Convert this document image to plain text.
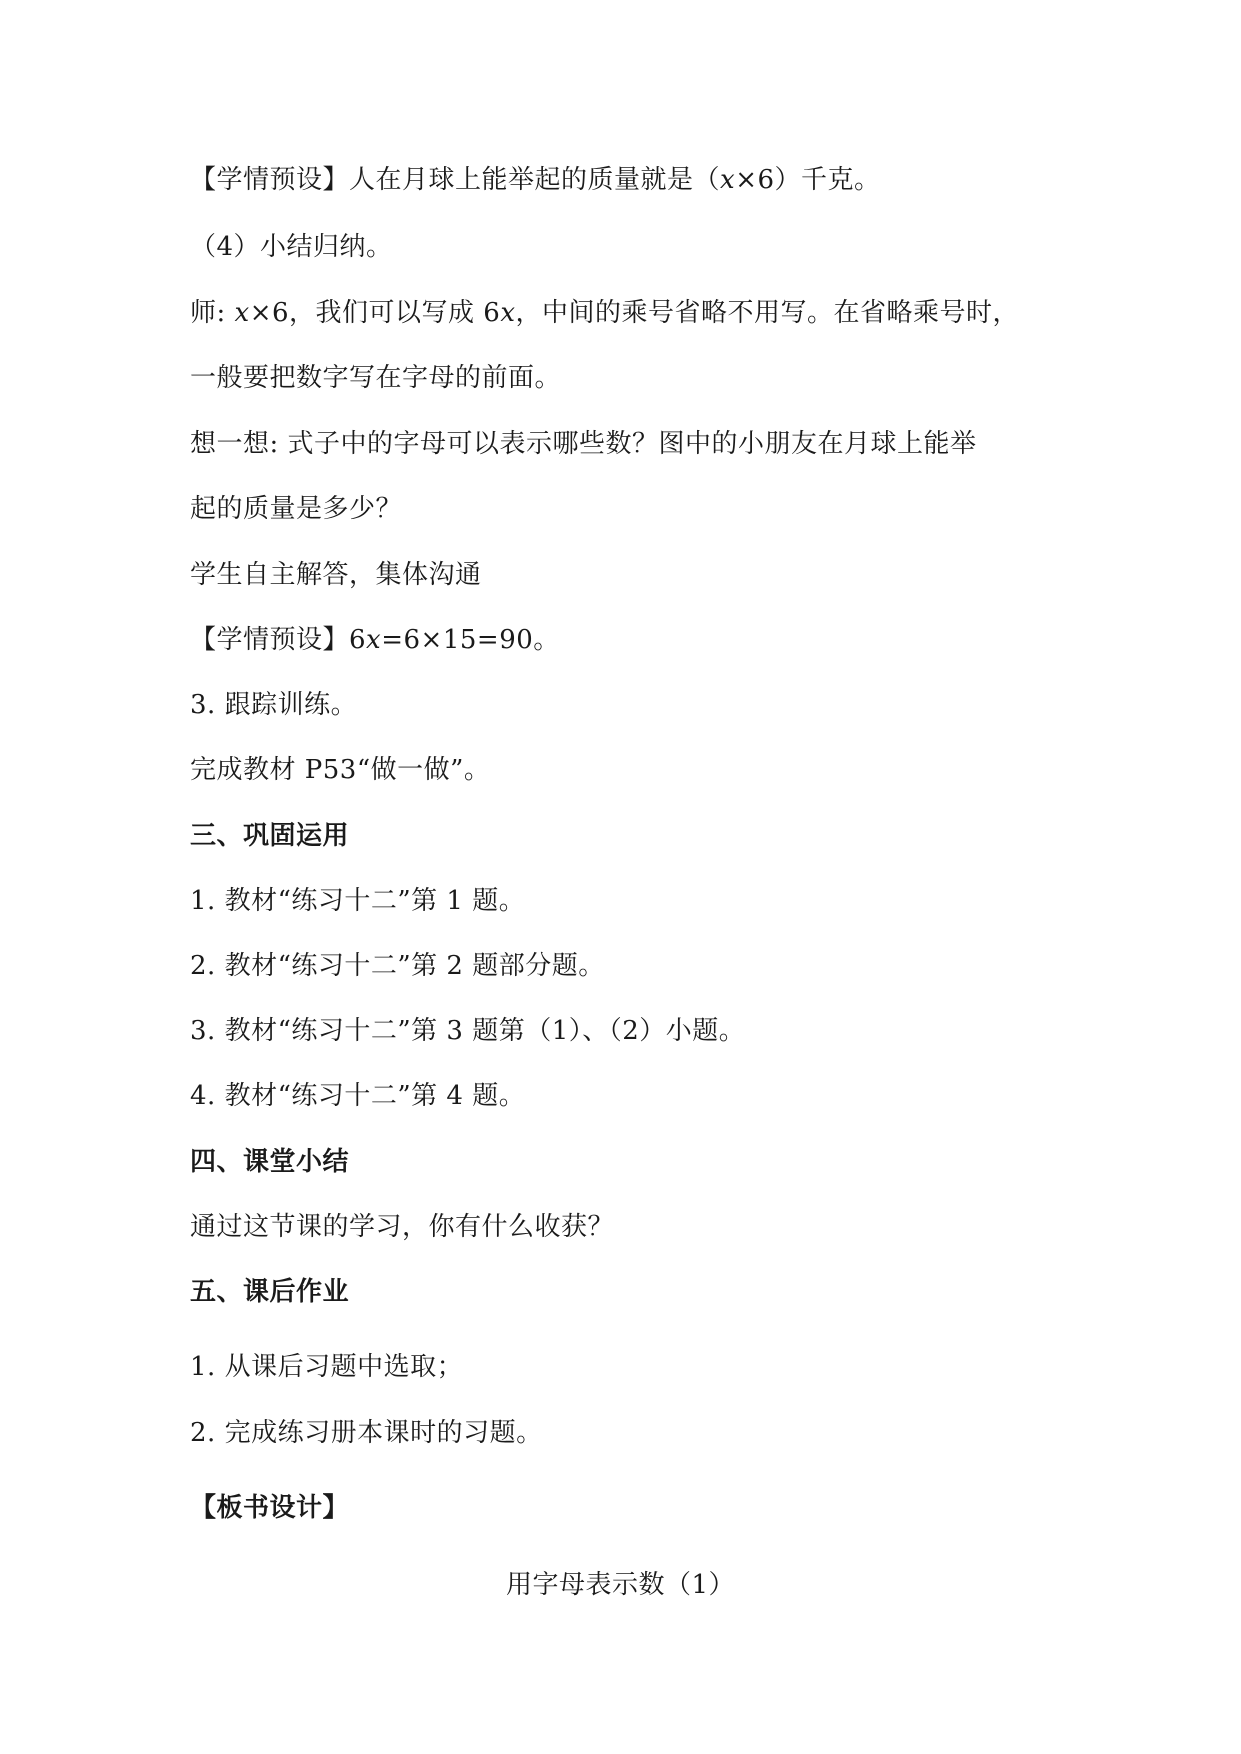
【学情预设】人在月球上能举起的质量就是（x×6）千克。

（4）小结归纳。

师: x×6，我们可以写成 6x，中间的乘号省略不用写。在省略乘号时，

一般要把数字写在字母的前面。

想一想: 式子中的字母可以表示哪些数？图中的小朋友在月球上能举

起的质量是多少？

学生自主解答，集体沟通

【学情预设】6x=6×15=90。

3. 跟踪训练。

完成教材 P53“做一做”。

三、巩固运用

1. 教材“练习十二”第 1 题。

2. 教材“练习十二”第 2 题部分题。

3. 教材“练习十二”第 3 题第（1）、（2）小题。

4. 教材“练习十二”第 4 题。

四、课堂小结

通过这节课的学习，你有什么收获？

五、课后作业

1. 从课后习题中选取；

2. 完成练习册本课时的习题。

【板书设计】

用字母表示数（1）
